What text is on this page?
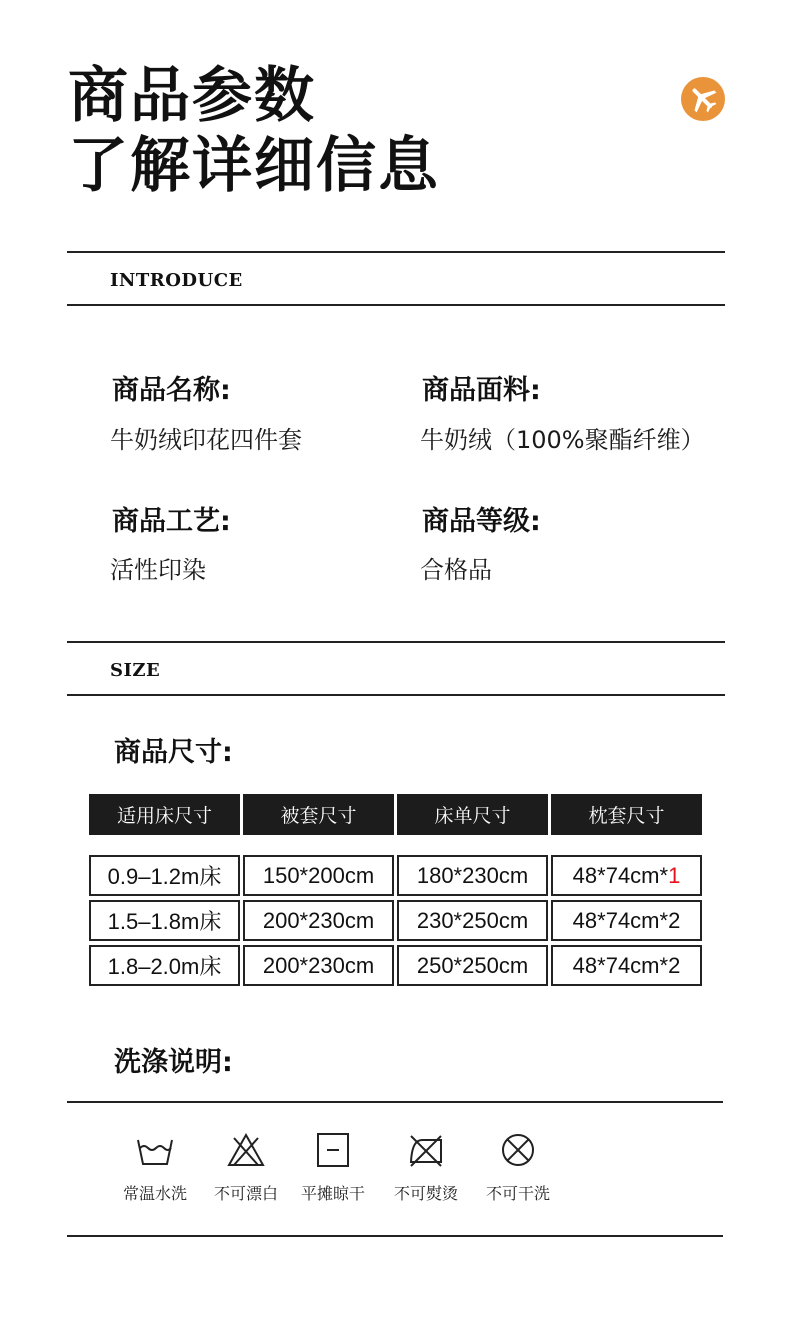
商品参数
了解详细信息
INTRODUCE
商品名称:
牛奶绒印花四件套
商品面料:
牛奶绒（100%聚酯纤维）
商品工艺:
活性印染
商品等级:
合格品
SIZE
商品尺寸:
适用床尺寸	被套尺寸	床单尺寸	枕套尺寸
0.9–1.2m床	150*200cm	180*230cm	48*74cm* 1
1.5–1.8m床	200*230cm	230*250cm	48*74cm* 2
1.8–2.0m床	200*230cm	250*250cm	48*74cm* 2
洗涤说明:
常温水洗	不可漂白	平摊晾干	不可熨烫	不可干洗
